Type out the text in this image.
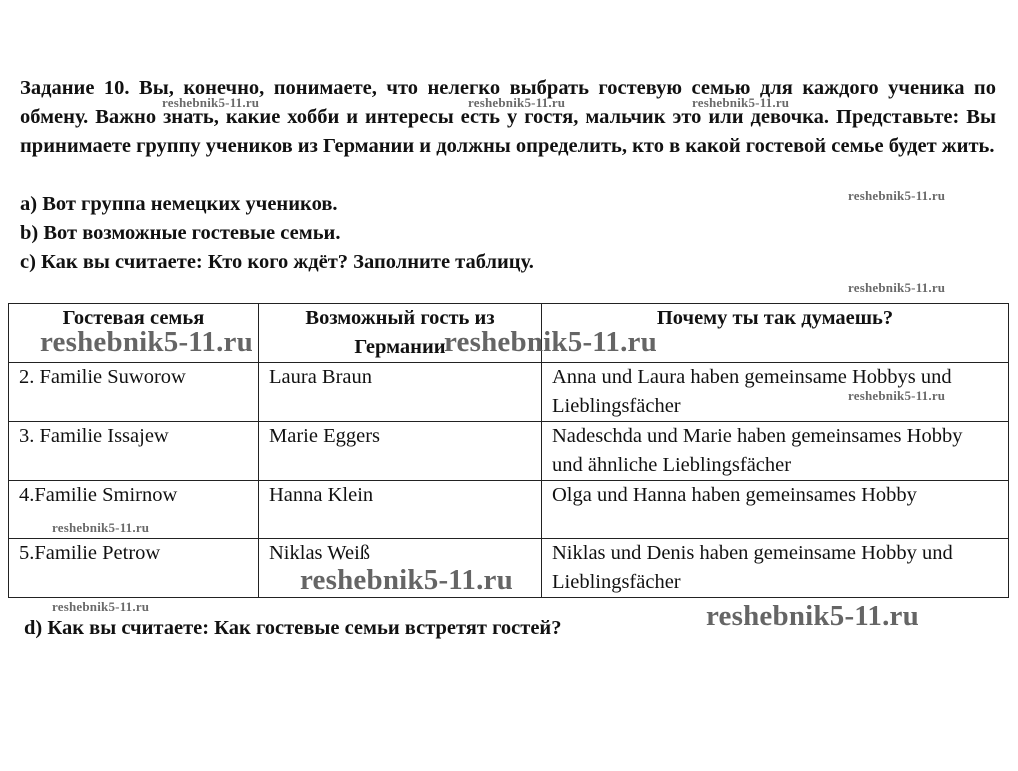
Задание 10. Вы, конечно, понимаете, что нелегко выбрать гостевую семью для каждого ученика по обмену. Важно знать, какие хобби и интересы есть у гостя, мальчик это или девочка. Представьте: Вы принимаете группу учеников из Германии и должны определить, кто в какой гостевой семье будет жить.

а) Вот группа немецких учеников.
b) Вот возможные гостевые семьи.
с) Как вы считаете: Кто кого ждёт? Заполните таблицу.
Гостевая семья	Возможный гость из Германии	Почему ты так думаешь?
2. Familie Suworow	Laura Braun	Anna und Laura haben gemeinsame Hobbys und Lieblingsfächer
3. Familie Issajew	Marie Eggers	Nadeschda und Marie haben gemeinsames Hobby und ähnliche Lieblingsfächer
4.Familie Smirnow	Hanna Klein	Olga und Hanna haben gemeinsames Hobby
5.Familie Petrow	Niklas Weiß	Niklas und Denis haben gemeinsame Hobby und Lieblingsfächer
d) Как вы считаете: Как гостевые семьи встретят гостей?
reshebnik5-11.ru	reshebnik5-11.ru	reshebnik5-11.ru
reshebnik5-11.ru
reshebnik5-11.ru
reshebnik5-11.ru	reshebnik5-11.ru
reshebnik5-11.ru
reshebnik5-11.ru
reshebnik5-11.ru
reshebnik5-11.ru	reshebnik5-11.ru
